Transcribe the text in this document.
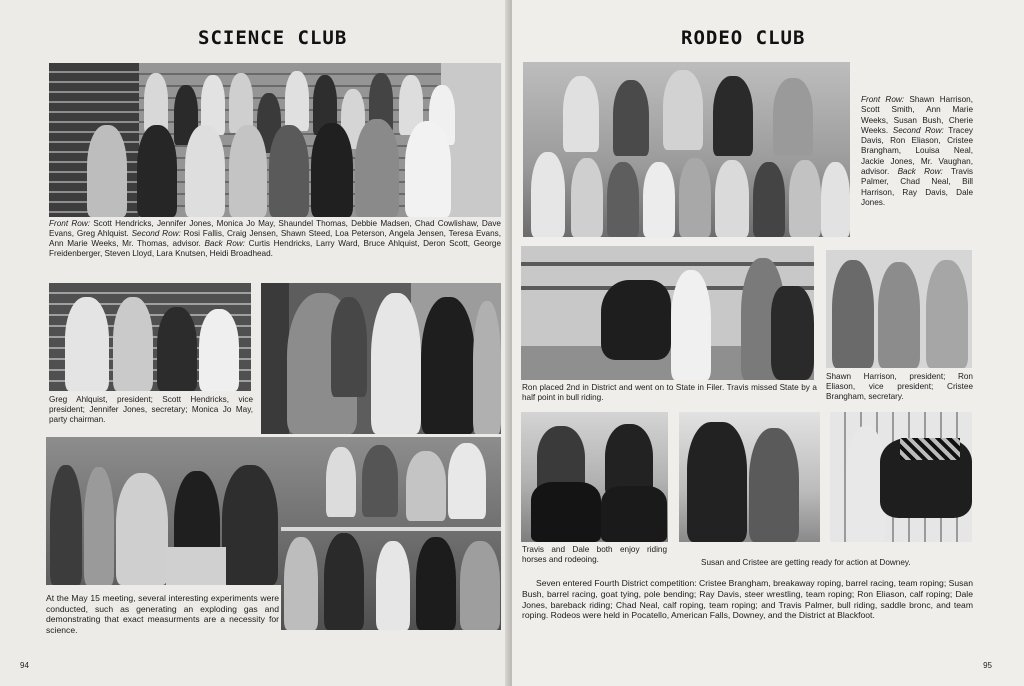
SCIENCE CLUB
Front Row: Scott Hendricks, Jennifer Jones, Monica Jo May, Shaundel Thomas, Debbie Madsen, Chad Cowlishaw, Dave Evans, Greg Ahlquist. Second Row: Rosi Fallis, Craig Jensen, Shawn Steed, Loa Peterson, Angela Jensen, Teresa Evans, Ann Marie Weeks, Mr. Thomas, advisor. Back Row: Curtis Hendricks, Larry Ward, Bruce Ahlquist, Deron Scott, George Freidenberger, Steven Lloyd, Lara Knutsen, Heidi Broadhead.
Greg Ahlquist, president; Scott Hendricks, vice president; Jennifer Jones, secretary; Monica Jo May, party chairman.
At the May 15 meeting, several interesting experiments were conducted, such as generating an exploding gas and demonstrating that exact measurments are a necessity for science.
94
RODEO CLUB
Front Row: Shawn Harrison, Scott Smith, Ann Marie Weeks, Susan Bush, Cherie Weeks. Second Row: Tracey Davis, Ron Eliason, Cristee Brangham, Louisa Neal, Jackie Jones, Mr. Vaughan, advisor. Back Row: Travis Palmer, Chad Neal, Bill Harrison, Ray Davis, Dale Jones.
Ron placed 2nd in District and went on to State in Filer. Travis missed State by a half point in bull riding.
Shawn Harrison, president; Ron Eliason, vice president; Cristee Brangham, secretary.
Travis and Dale both enjoy riding horses and rodeoing.	Susan and Cristee are getting ready for action at Downey.
Seven entered Fourth District competition: Cristee Brangham, breakaway roping, barrel racing, team roping; Susan Bush, barrel racing, goat tying, pole bending; Ray Davis, steer wrestling, team roping; Ron Eliason, calf roping; Dale Jones, bareback riding; Chad Neal, calf roping, team roping; and Travis Palmer, bull riding, saddle bronc, and team roping. Rodeos were held in Pocatello, American Falls, Downey, and the District at Blackfoot.
95
